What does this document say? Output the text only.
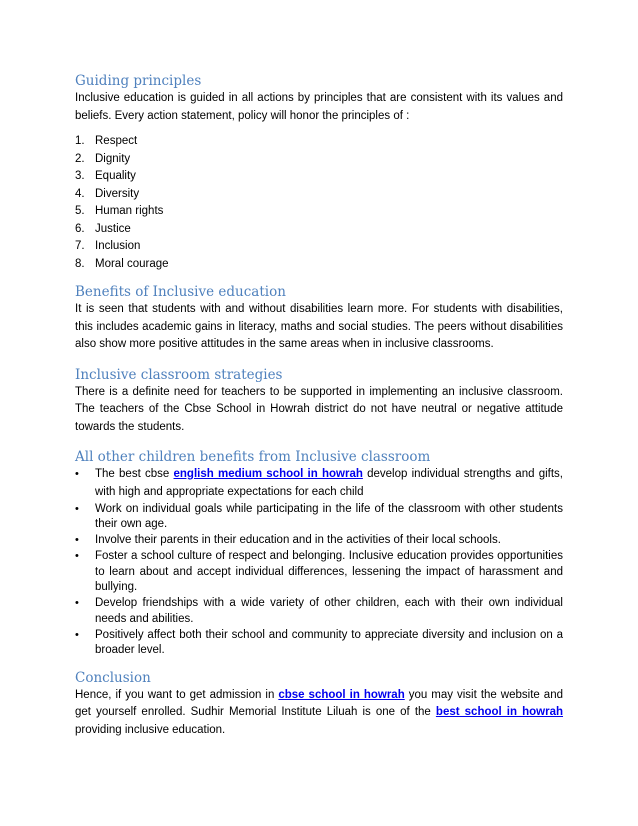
Guiding principles

Inclusive education is guided in all actions by principles that are consistent with its values and beliefs. Every action statement, policy will honor the principles of :

1. Respect
2. Dignity
3. Equality
4. Diversity
5. Human rights
6. Justice
7. Inclusion
8. Moral courage
Benefits of Inclusive education

It is seen that students with and without disabilities learn more. For students with disabilities, this includes academic gains in literacy, maths and social studies. The peers without disabilities also show more positive attitudes in the same areas when in inclusive classrooms.

Inclusive classroom strategies

There is a definite need for teachers to be supported in implementing an inclusive classroom. The teachers of the Cbse School in Howrah district do not have neutral or negative attitude towards the students.

All other children benefits from Inclusive classroom
•	The best cbse english medium school in howrah develop individual strengths and gifts, with high and appropriate expectations for each child
•	Work on individual goals while participating in the life of the classroom with other students their own age.
•	Involve their parents in their education and in the activities of their local schools.
•	Foster a school culture of respect and belonging. Inclusive education provides opportunities to learn about and accept individual differences, lessening the impact of harassment and bullying.
•	Develop friendships with a wide variety of other children, each with their own individual needs and abilities.
•	Positively affect both their school and community to appreciate diversity and inclusion on a broader level.
Conclusion

Hence, if you want to get admission in cbse school in howrah you may visit the website and get yourself enrolled. Sudhir Memorial Institute Liluah is one of the best school in howrah providing inclusive education.
